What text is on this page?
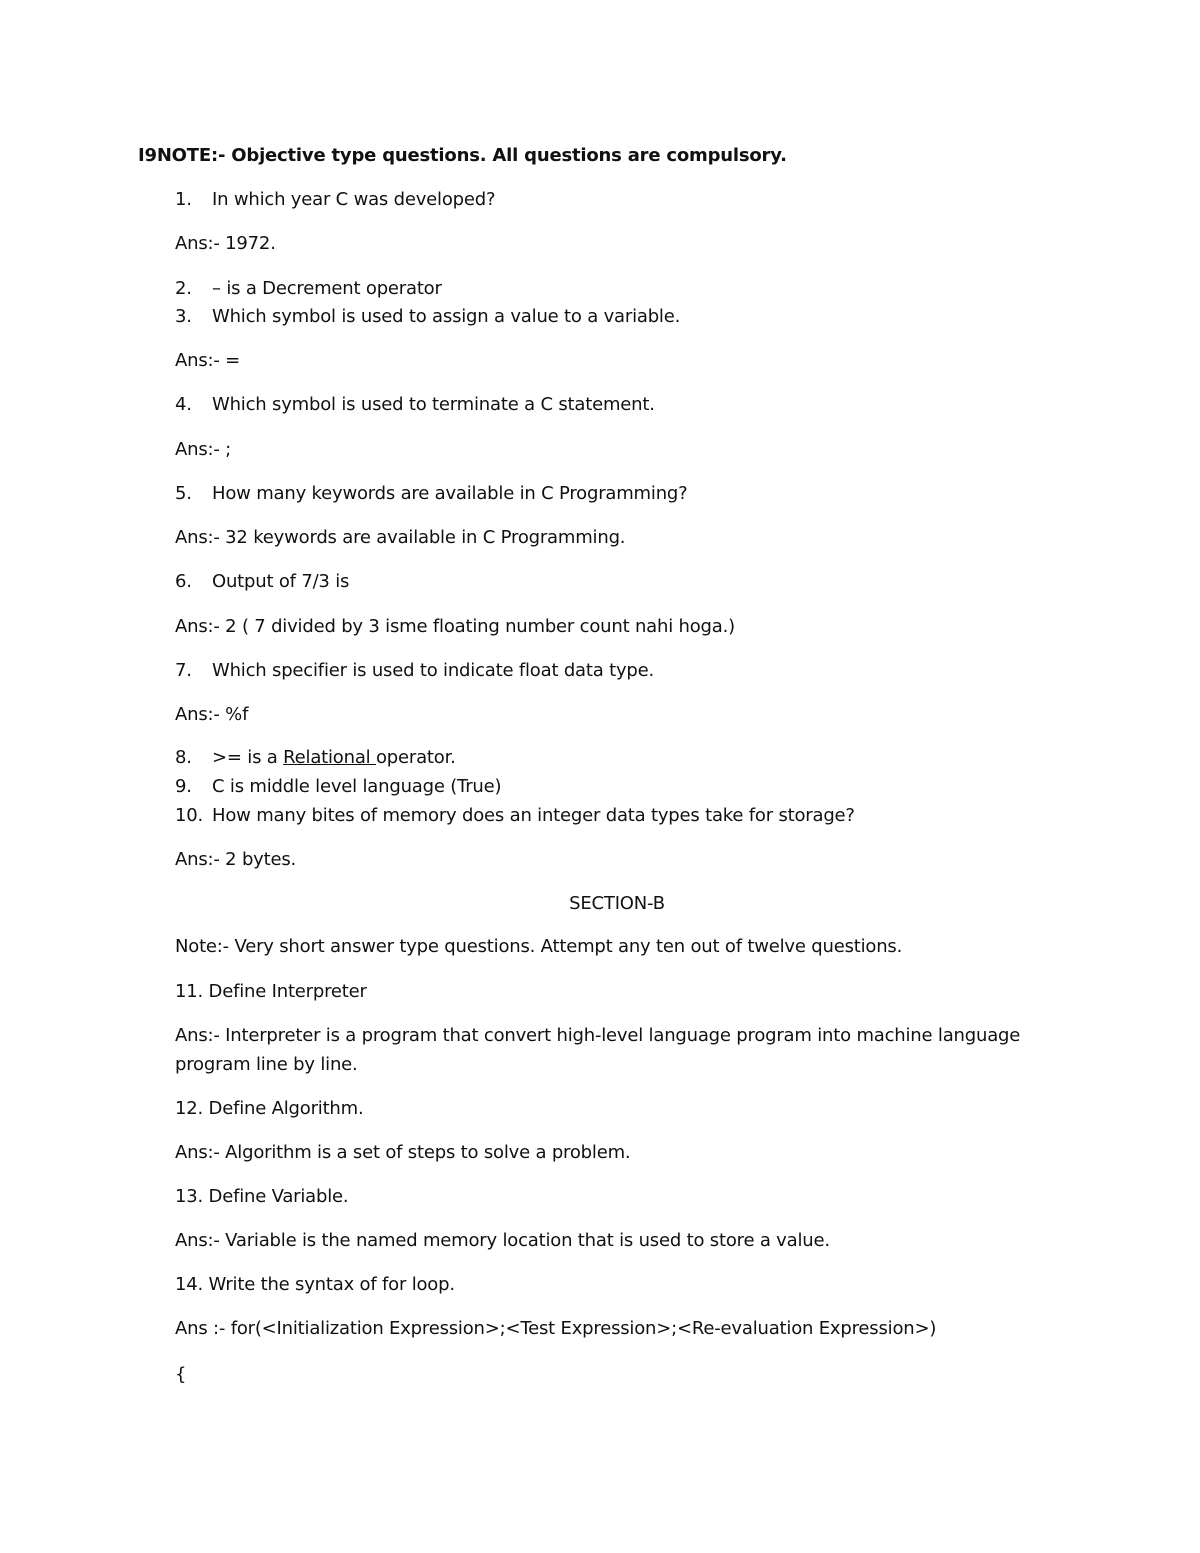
I9NOTE:- Objective type questions. All questions are compulsory.
1. In which year C was developed?
Ans:- 1972.
2. – is a Decrement operator
3. Which symbol is used to assign a value to a variable.
Ans:- =
4. Which symbol is used to terminate a C statement.
Ans:- ;
5. How many keywords are available in C Programming?
Ans:- 32 keywords are available in C Programming.
6. Output of 7/3 is
Ans:- 2 ( 7 divided by 3 isme floating number count nahi hoga.)
7. Which specifier is used to indicate float data type.
Ans:- %f
8. >= is a Relational operator.
9. C is middle level language (True)
10. How many bites of memory does an integer data types take for storage?
Ans:- 2 bytes.
SECTION-B
Note:- Very short answer type questions. Attempt any ten out of twelve questions.
11. Define Interpreter
Ans:- Interpreter is a program that convert high-level language program into machine language
program line by line.
12. Define Algorithm.
Ans:- Algorithm is a set of steps to solve a problem.
13. Define Variable.
Ans:- Variable is the named memory location that is used to store a value.
14. Write the syntax of for loop.
Ans :- for(<Initialization Expression>;<Test Expression>;<Re-evaluation Expression>)
{
